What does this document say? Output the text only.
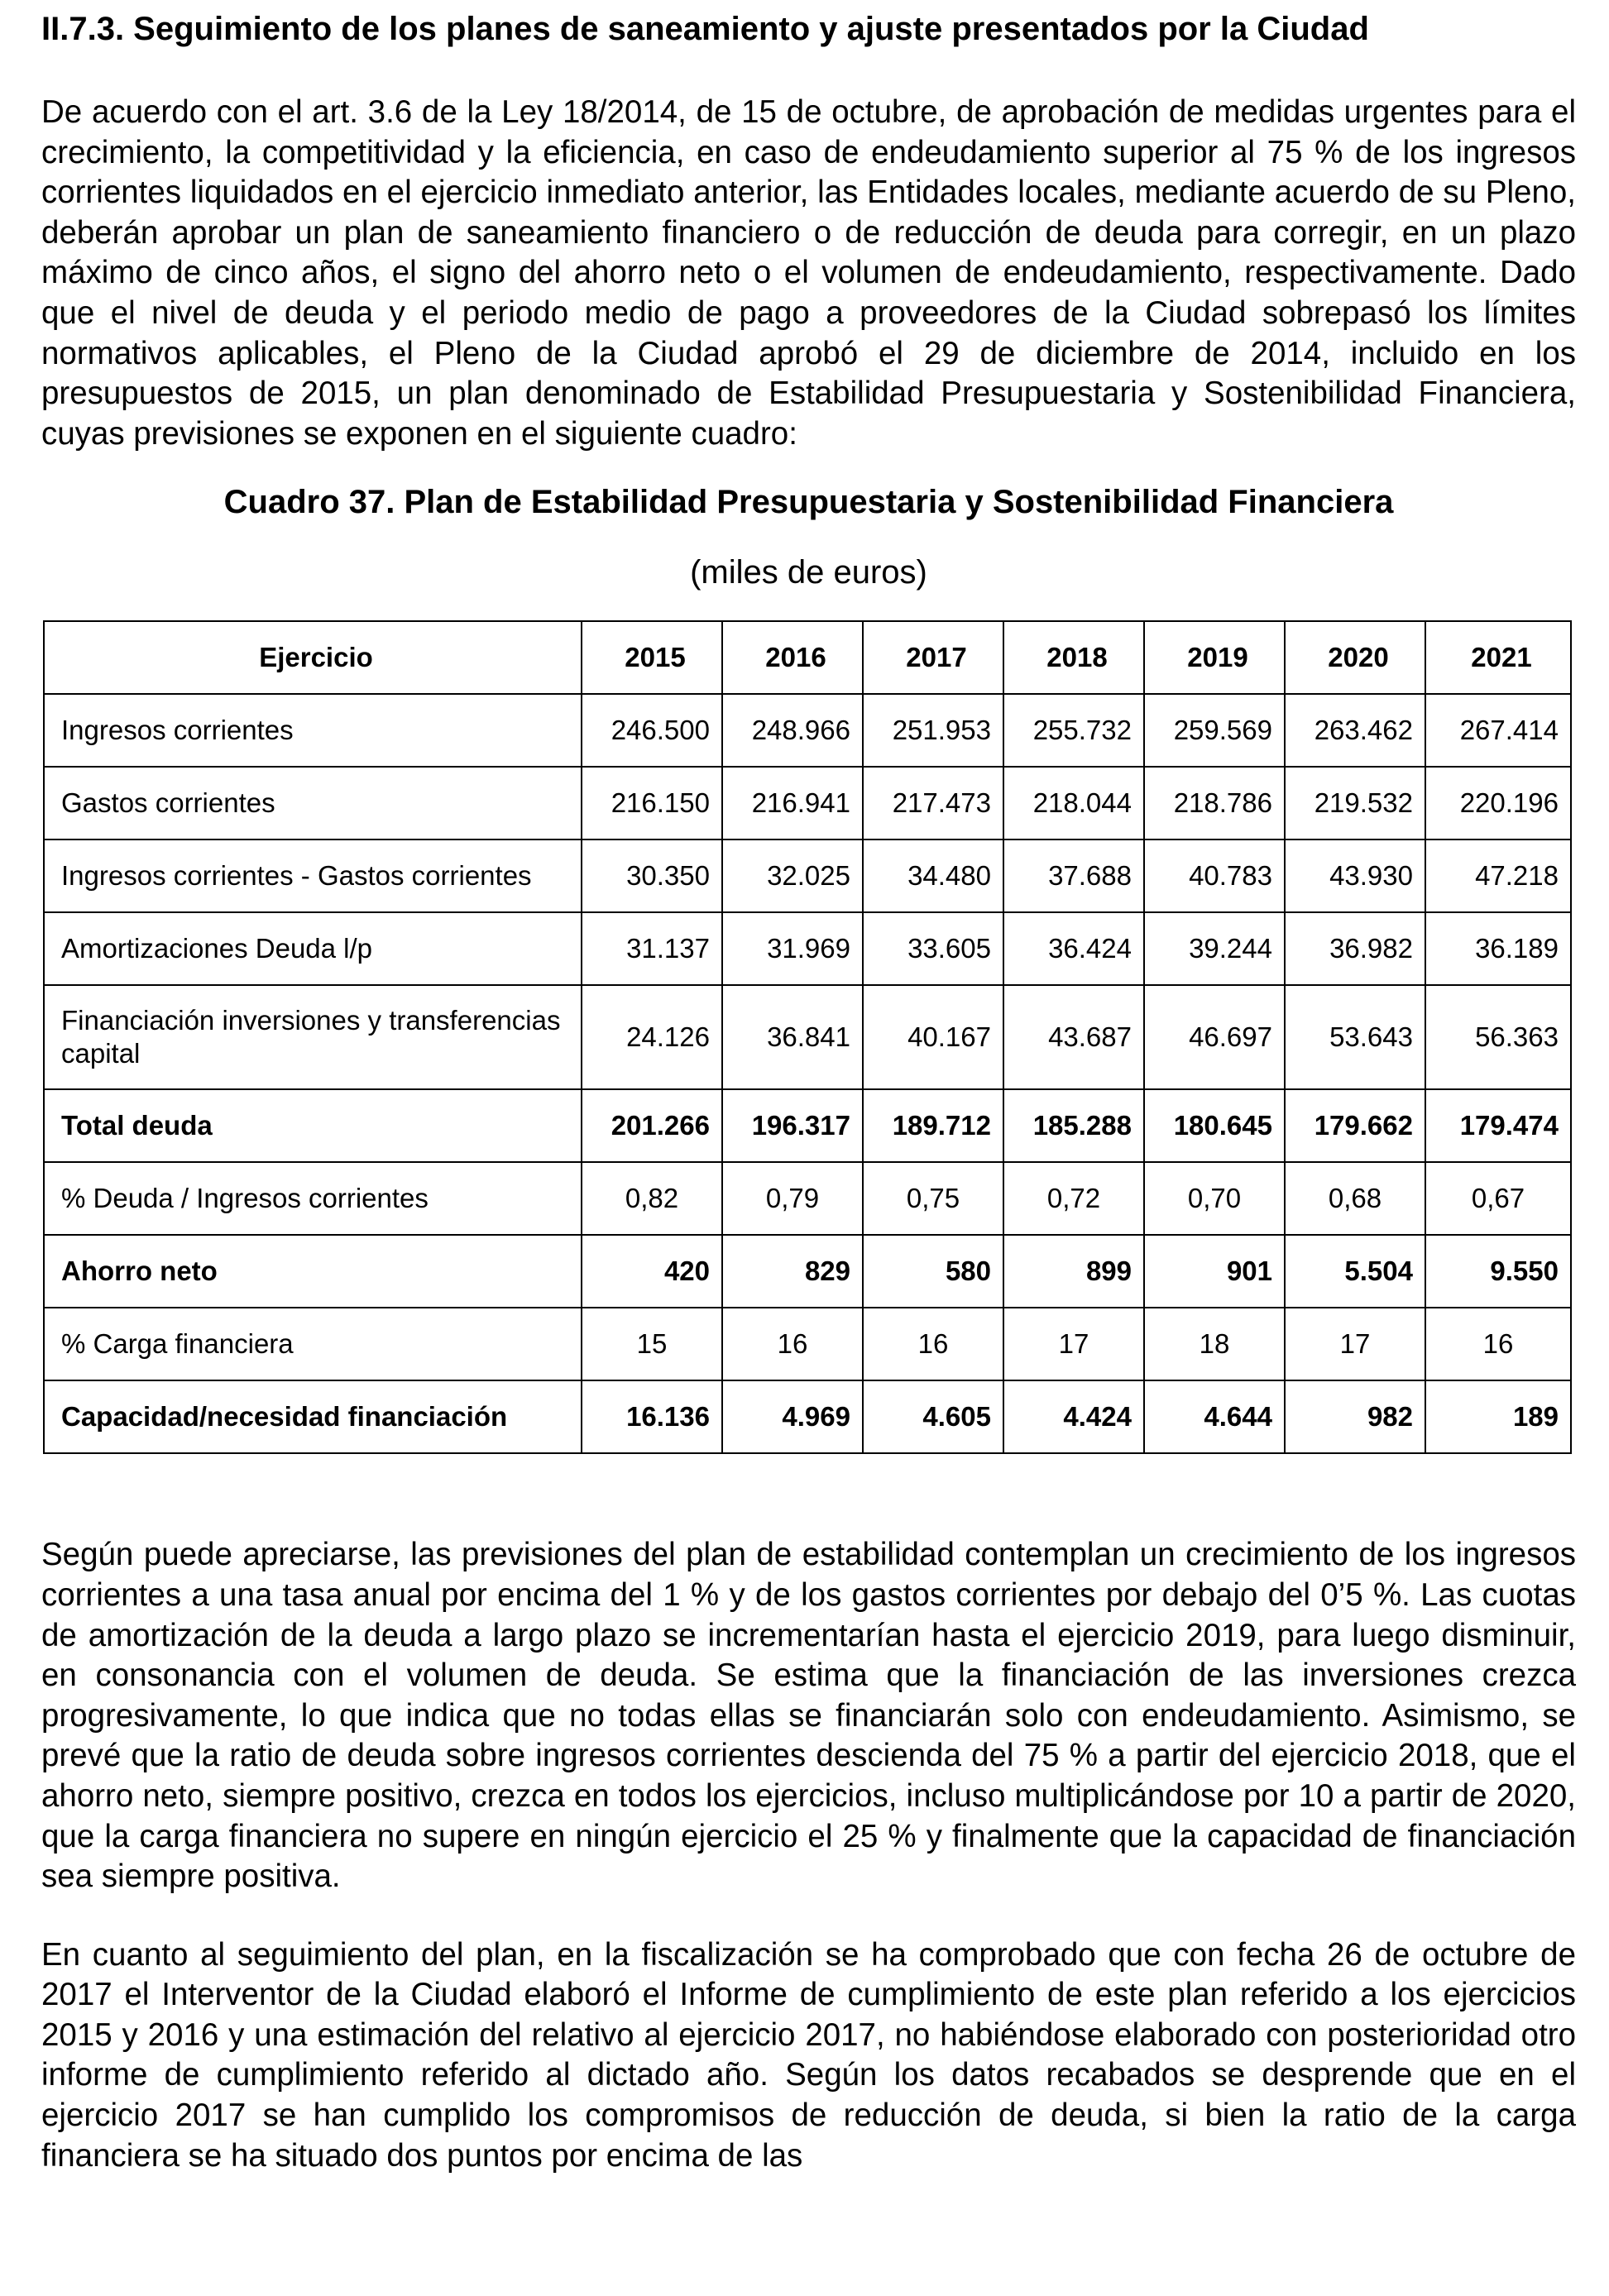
II.7.3. Seguimiento de los planes de saneamiento y ajuste presentados por la Ciudad

De acuerdo con el art. 3.6 de la Ley 18/2014, de 15 de octubre, de aprobación de medidas urgentes para el crecimiento, la competitividad y la eficiencia, en caso de endeudamiento superior al 75 % de los ingresos corrientes liquidados en el ejercicio inmediato anterior, las Entidades locales, mediante acuerdo de su Pleno, deberán aprobar un plan de saneamiento financiero o de reducción de deuda para corregir, en un plazo máximo de cinco años, el signo del ahorro neto o el volumen de endeudamiento, respectivamente. Dado que el nivel de deuda y el periodo medio de pago a proveedores de la Ciudad sobrepasó los límites normativos aplicables, el Pleno de la Ciudad aprobó el 29 de diciembre de 2014, incluido en los presupuestos de 2015, un plan denominado de Estabilidad Presupuestaria y Sostenibilidad Financiera, cuyas previsiones se exponen en el siguiente cuadro:

Cuadro 37. Plan de Estabilidad Presupuestaria y Sostenibilidad Financiera
(miles de euros)
Ejercicio	2015	2016	2017	2018	2019	2020	2021
Ingresos corrientes	246.500	248.966	251.953	255.732	259.569	263.462	267.414
Gastos corrientes	216.150	216.941	217.473	218.044	218.786	219.532	220.196
Ingresos corrientes - Gastos corrientes	30.350	32.025	34.480	37.688	40.783	43.930	47.218
Amortizaciones Deuda l/p	31.137	31.969	33.605	36.424	39.244	36.982	36.189
Financiación inversiones y transferencias capital	24.126	36.841	40.167	43.687	46.697	53.643	56.363
Total deuda	201.266	196.317	189.712	185.288	180.645	179.662	179.474
% Deuda / Ingresos corrientes	0,82	0,79	0,75	0,72	0,70	0,68	0,67
Ahorro neto	420	829	580	899	901	5.504	9.550
% Carga financiera	15	16	16	17	18	17	16
Capacidad/necesidad financiación	16.136	4.969	4.605	4.424	4.644	982	189

Según puede apreciarse, las previsiones del plan de estabilidad contemplan un crecimiento de los ingresos corrientes a una tasa anual por encima del 1 % y de los gastos corrientes por debajo del 0’5 %. Las cuotas de amortización de la deuda a largo plazo se incrementarían hasta el ejercicio 2019, para luego disminuir, en consonancia con el volumen de deuda. Se estima que la financiación de las inversiones crezca progresivamente, lo que indica que no todas ellas se financiarán solo con endeudamiento. Asimismo, se prevé que la ratio de deuda sobre ingresos corrientes descienda del 75 % a partir del ejercicio 2018, que el ahorro neto, siempre positivo, crezca en todos los ejercicios, incluso multiplicándose por 10 a partir de 2020, que la carga financiera no supere en ningún ejercicio el 25 % y finalmente que la capacidad de financiación sea siempre positiva.

En cuanto al seguimiento del plan, en la fiscalización se ha comprobado que con fecha 26 de octubre de 2017 el Interventor de la Ciudad elaboró el Informe de cumplimiento de este plan referido a los ejercicios 2015 y 2016 y una estimación del relativo al ejercicio 2017, no habiéndose elaborado con posterioridad otro informe de cumplimiento referido al dictado año. Según los datos recabados se desprende que en el ejercicio 2017 se han cumplido los compromisos de reducción de deuda, si bien la ratio de la carga financiera se ha situado dos puntos por encima de las
